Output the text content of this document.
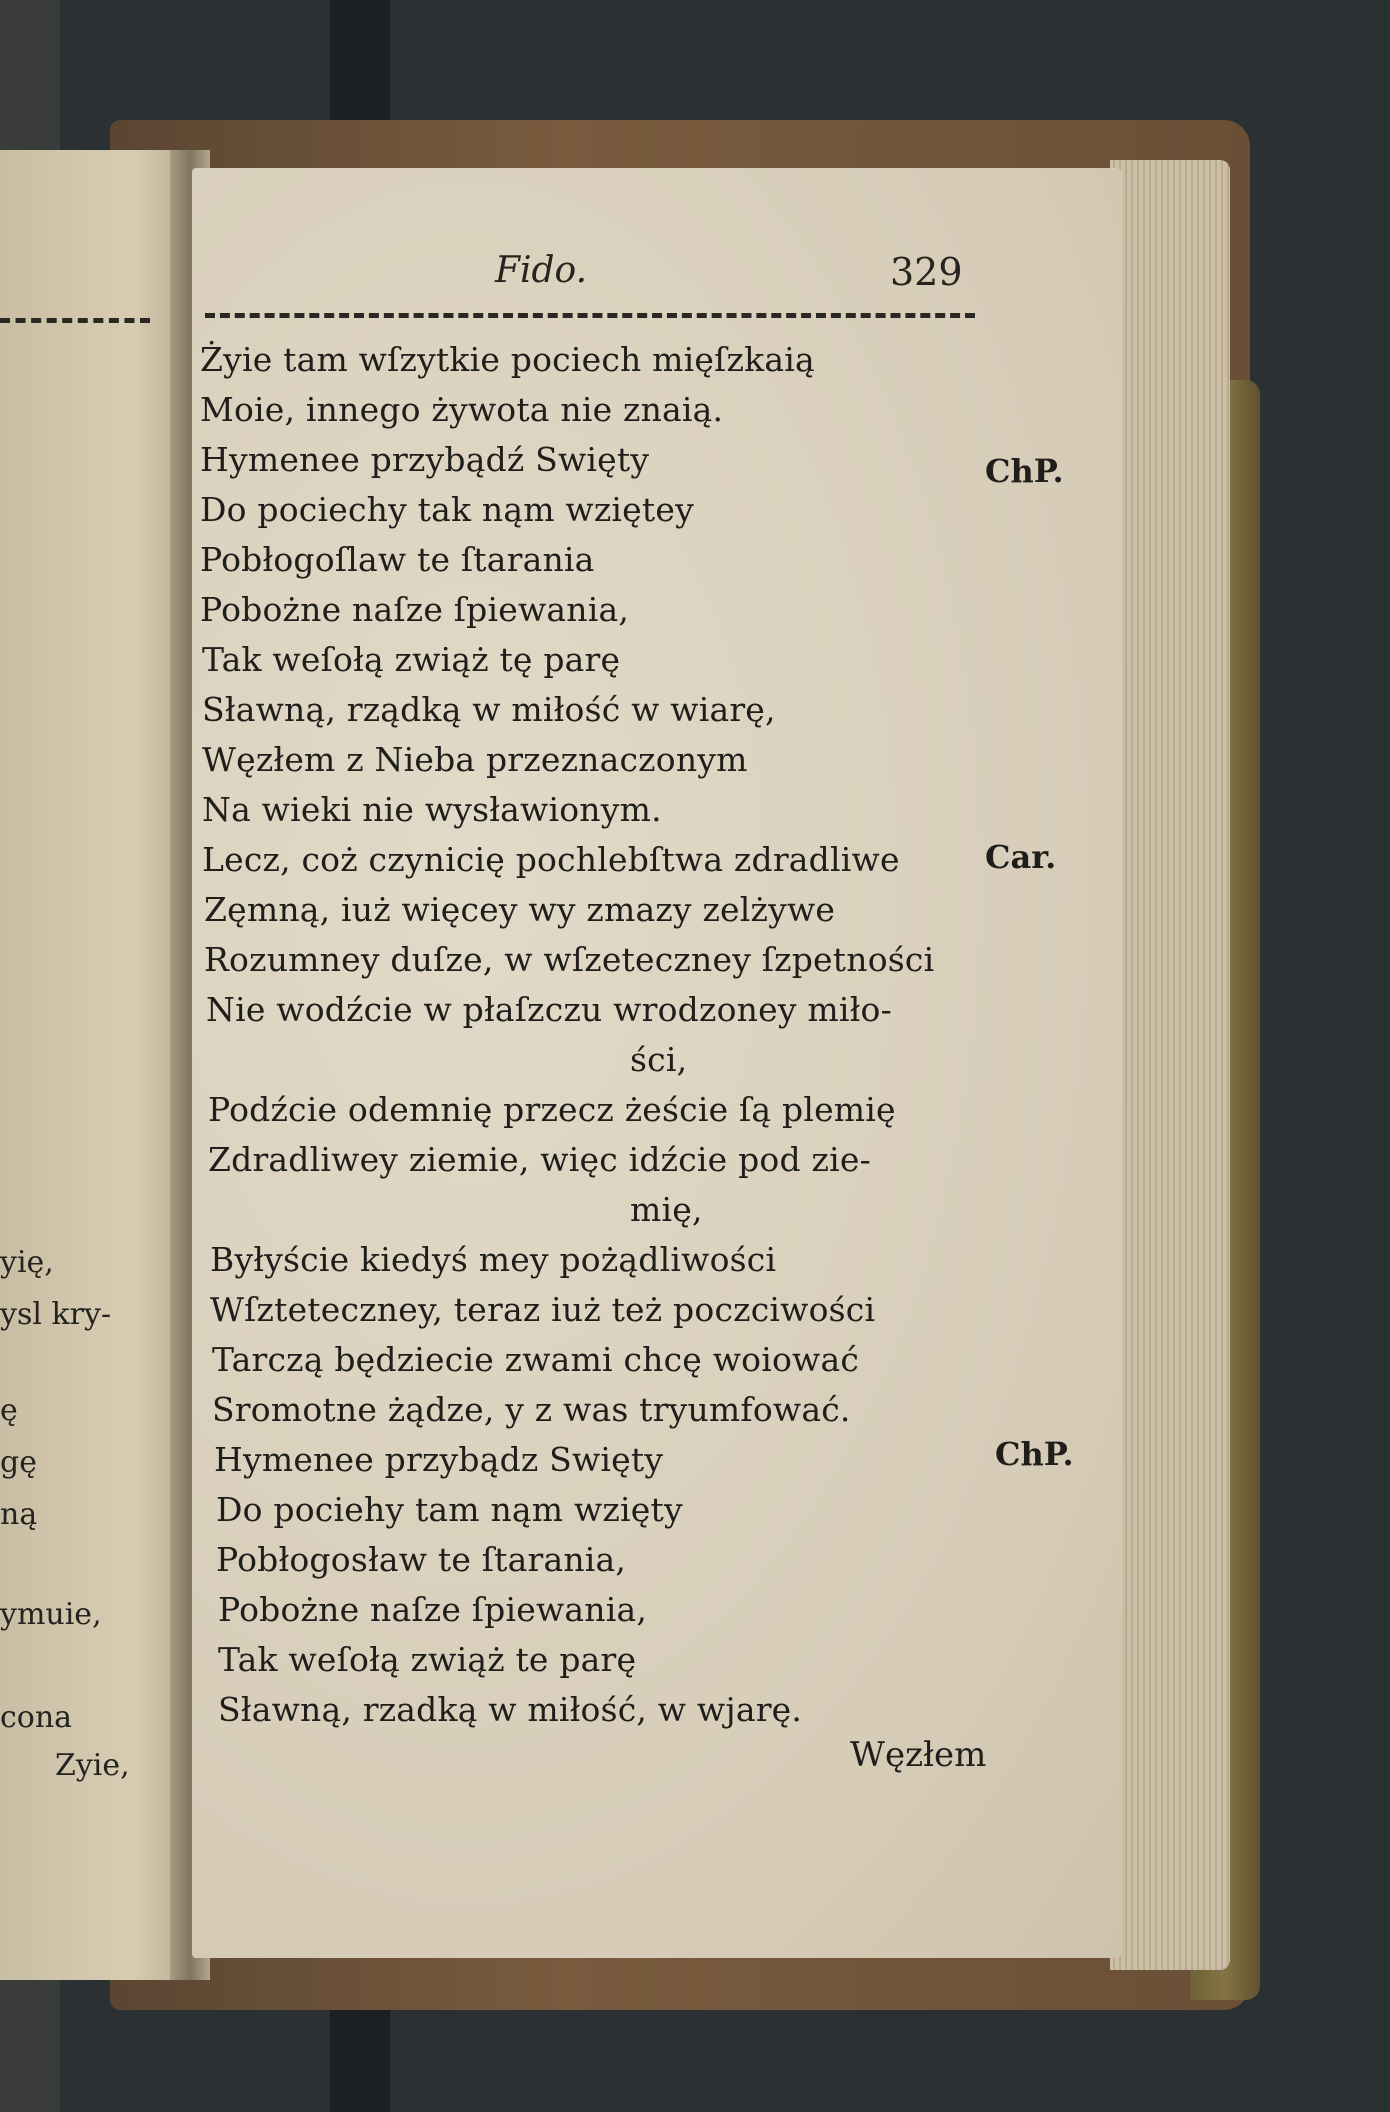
yię,
ysl kry-
ę
gę
ną
ymuie,
cona
Zyie,
Fido.	329
Żyie tam wſzytkie pociech mięſzkaią
Moie, innego żywota nie znaią.
Hymenee przybądź Swięty
Do pociechy tak nąm wziętey
Pobłogoſlaw te ſtarania
Pobożne naſze ſpiewania,
Tak weſołą zwiąż tę parę
Sławną, rządką w miłość w wiarę,
Węzłem z Nieba przeznaczonym
Na wieki nie wysławionym.
Lecz, coż czynicię pochlebſtwa zdradliwe
Zęmną, iuż więcey wy zmazy zelżywe
Rozumney duſze, w wſzeteczney ſzpetności
Nie wodźcie w płaſzczu wrodzoney miło-
ści,
Podźcie odemnię przecz żeście ſą plemię
Zdradliwey ziemie, więc idźcie pod zie-
mię,
Byłyście kiedyś mey pożądliwości
Wſzteteczney, teraz iuż też poczciwości
Tarczą będziecie zwami chcę woiować
Sromotne żądze, y z was tryumfować.
Hymenee przybądz Swięty
Do pociehy tam nąm wzięty
Pobłogosław te ſtarania,
Pobożne naſze ſpiewania,
Tak weſołą zwiąż te parę
Sławną, rzadką w miłość, w wjarę.
ChP.
Car.
ChP.
Węzłem
